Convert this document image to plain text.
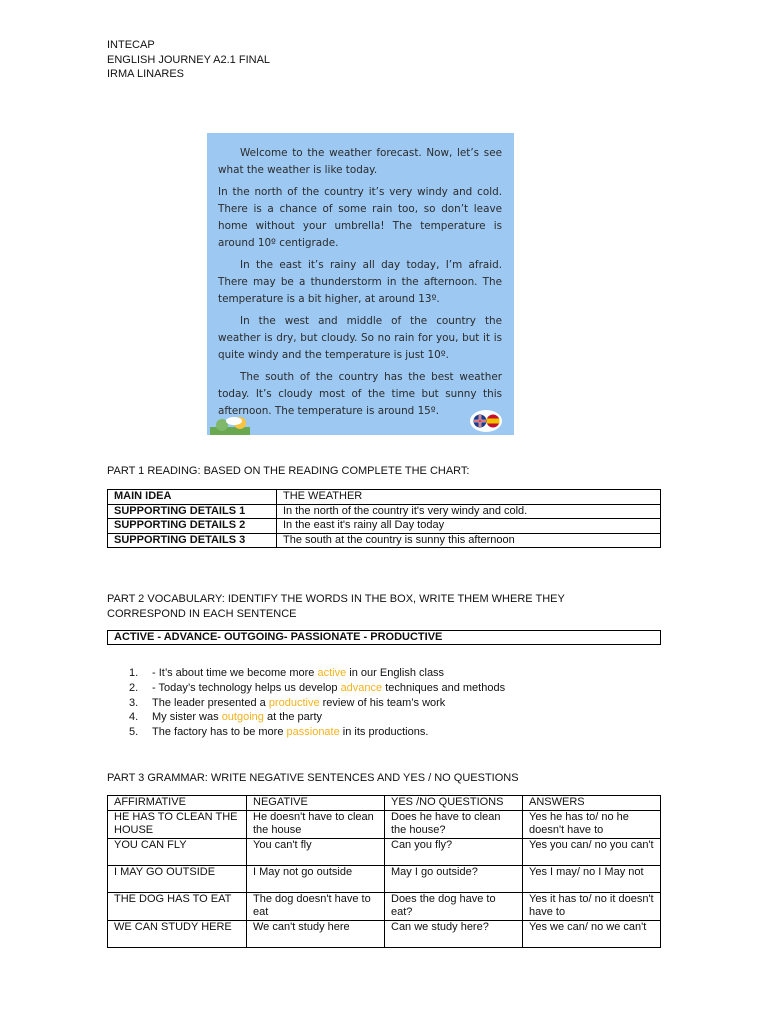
INTECAP
ENGLISH JOURNEY A2.1 FINAL
IRMA LINARES

Welcome to the weather forecast. Now, let’s see what the weather is like today.

In the north of the country it’s very windy and cold. There is a chance of some rain too, so don’t leave home without your umbrella! The temperature is around 10º centigrade.

In the east it’s rainy all day today, I’m afraid. There may be a thunderstorm in the afternoon. The temperature is a bit higher, at around 13º.

In the west and middle of the country the weather is dry, but cloudy. So no rain for you, but it is quite windy and the temperature is just 10º.

The south of the country has the best weather today. It’s cloudy most of the time but sunny this afternoon. The temperature is around 15º.

PART 1 READING: BASED ON THE READING COMPLETE THE CHART:
MAIN IDEA	THE WEATHER
SUPPORTING DETAILS 1	In the north of the country it's very windy and cold.
SUPPORTING DETAILS 2	In the east it's rainy all Day today
SUPPORTING DETAILS 3	The south at the country is sunny this afternoon
PART 2 VOCABULARY: IDENTIFY THE WORDS IN THE BOX, WRITE THEM WHERE THEY
CORRESPOND IN EACH SENTENCE
ACTIVE - ADVANCE- OUTGOING- PASSIONATE - PRODUCTIVE
1. - It’s about time we become more active in our English class
2. - Today’s technology helps us develop advance techniques and methods
3. The leader presented a productive review of his team’s work
4. My sister was outgoing at the party
5. The factory has to be more passionate in its productions.
PART 3 GRAMMAR: WRITE NEGATIVE SENTENCES AND YES / NO QUESTIONS
AFFIRMATIVE	NEGATIVE	YES /NO QUESTIONS	ANSWERS
HE HAS TO CLEAN THE HOUSE	He doesn't have to clean the house	Does he have to clean the house?	Yes he has to/ no he doesn't have to
YOU CAN FLY	You can't fly	Can you fly?	Yes you can/ no you can't
I MAY GO OUTSIDE	I May not go outside	May I go outside?	Yes I may/ no I May not
THE DOG HAS TO EAT	The dog doesn't have to eat	Does the dog have to eat?	Yes it has to/ no it doesn't have to
WE CAN STUDY HERE	We can't study here	Can we study here?	Yes we can/ no we can't
